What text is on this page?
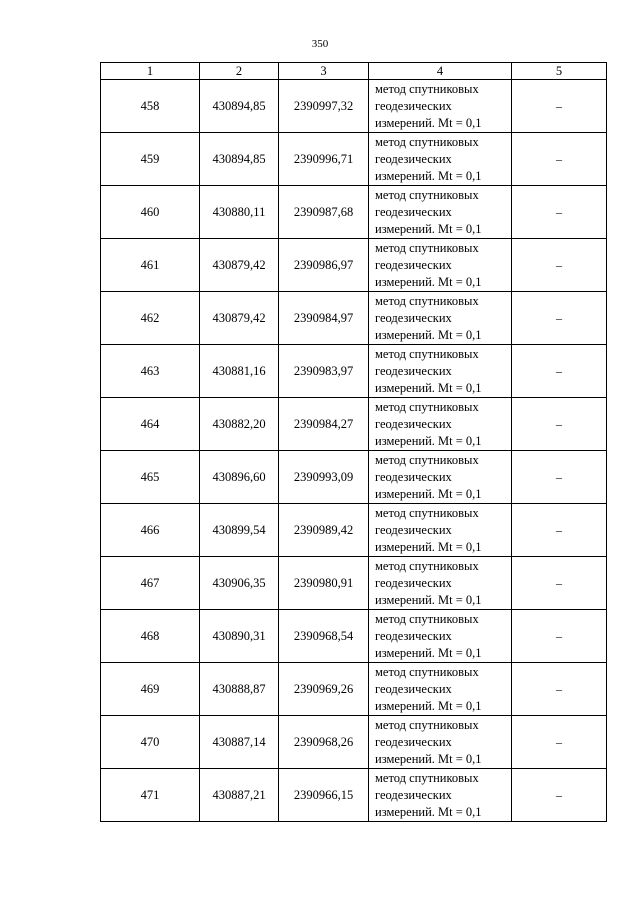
350
1	2	3	4	5
458	430894,85	2390997,32	метод спутниковых
геодезических
измерений. Mt = 0,1	–
459	430894,85	2390996,71	метод спутниковых
геодезических
измерений. Mt = 0,1	–
460	430880,11	2390987,68	метод спутниковых
геодезических
измерений. Mt = 0,1	–
461	430879,42	2390986,97	метод спутниковых
геодезических
измерений. Mt = 0,1	–
462	430879,42	2390984,97	метод спутниковых
геодезических
измерений. Mt = 0,1	–
463	430881,16	2390983,97	метод спутниковых
геодезических
измерений. Mt = 0,1	–
464	430882,20	2390984,27	метод спутниковых
геодезических
измерений. Mt = 0,1	–
465	430896,60	2390993,09	метод спутниковых
геодезических
измерений. Mt = 0,1	–
466	430899,54	2390989,42	метод спутниковых
геодезических
измерений. Mt = 0,1	–
467	430906,35	2390980,91	метод спутниковых
геодезических
измерений. Mt = 0,1	–
468	430890,31	2390968,54	метод спутниковых
геодезических
измерений. Mt = 0,1	–
469	430888,87	2390969,26	метод спутниковых
геодезических
измерений. Mt = 0,1	–
470	430887,14	2390968,26	метод спутниковых
геодезических
измерений. Mt = 0,1	–
471	430887,21	2390966,15	метод спутниковых
геодезических
измерений. Mt = 0,1	–
